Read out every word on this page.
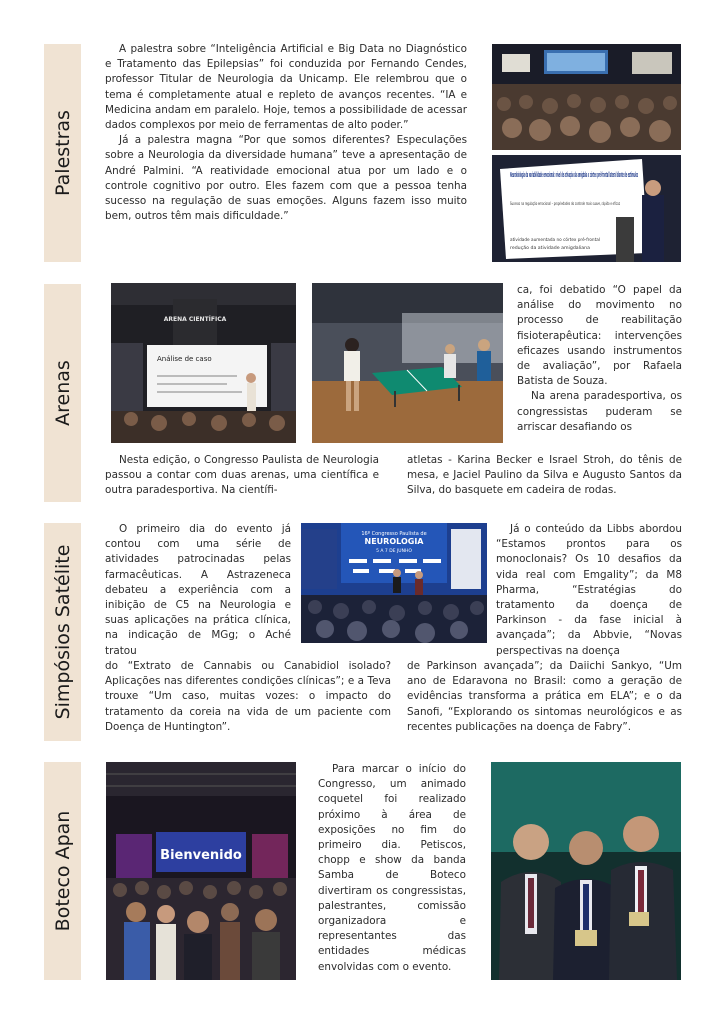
Palestras

A palestra sobre “Inteligência Artificial e Big Data no Diagnóstico e Tratamento das Epilepsias” foi conduzida por Fernando Cendes, professor Titular de Neurologia da Unicamp. Ele relembrou que o tema é completamente atual e repleto de avanços recentes. “IA e Medicina andam em paralelo. Hoje, temos a possibilidade de acessar dados complexos por meio de ferramentas de alto poder.”

Já a palestra magna “Por que somos diferentes? Especulações sobre a Neurologia da diversidade humana” teve a apresentação de André Palmini. “A reatividade emocional atua por um lado e o controle cognitivo por outro. Eles fazem com que a pessoa tenha sucesso na regulação de suas emoções. Alguns fazem isso muito bem, outros têm mais dificuldade.”

Neurobiologia da variabilidade emocional: nível de ativação da amígdala x córtex pré-frontal lateral diante de estímulos
Sucesso na regulação emocional – propriedades do controle mais suave, rápido e eficaz
atividade aumentada no córtex pré-frontal
redução da atividade amigdaliana
Arenas
ARENA CIENTÍFICA
Análise de caso

ca, foi debatido “O papel da análise do movimento no processo de reabilitação fisioterapêutica: intervenções eficazes usando instrumentos de avaliação”, por Rafaela Batista de Souza.

Na arena paradesportiva, os congressistas puderam se arriscar desafiando os

Nesta edição, o Congresso Paulista de Neurologia passou a contar com duas arenas, uma científica e outra paradesportiva. Na científi-

atletas - Karina Becker e Israel Stroh, do tênis de mesa, e Jaciel Paulino da Silva e Augusto Santos da Silva, do basquete em cadeira de rodas.

Simpósios Satélite

O primeiro dia do evento já contou com uma série de atividades patrocinadas pelas farmacêuticas. A Astrazeneca debateu a experiência com a inibição de C5 na Neurologia e suas aplicações na prática clínica, na indicação de MGg; o Aché tratou

16º Congresso Paulista de
NEUROLOGIA
5 A 7 DE JUNHO

Já o conteúdo da Libbs abordou “Estamos prontos para os monoclonais? Os 10 desafios da vida real com Emgality”; da M8 Pharma, “Estratégias do tratamento da doença de Parkinson - da fase inicial à avançada”; da Abbvie, “Novas perspectivas na doença

do “Extrato de Cannabis ou Canabidiol isolado? Aplicações nas diferentes condições clínicas”; e a Teva trouxe “Um caso, muitas vozes: o impacto do tratamento da coreia na vida de um paciente com Doença de Huntington”.

de Parkinson avançada”; da Daiichi Sankyo, “Um ano de Edaravona no Brasil: como a geração de evidências transforma a prática em ELA”; e o da Sanofi, “Explorando os sintomas neurológicos e as recentes publicações na doença de Fabry”.

Boteco Apan	Bienvenido

Para marcar o início do Congresso, um animado coquetel foi realizado próximo à área de exposições no fim do primeiro dia. Petiscos, chopp e show da banda Samba de Boteco divertiram os congressistas, palestrantes, comissão organizadora e representantes das entidades médicas envolvidas com o evento.
